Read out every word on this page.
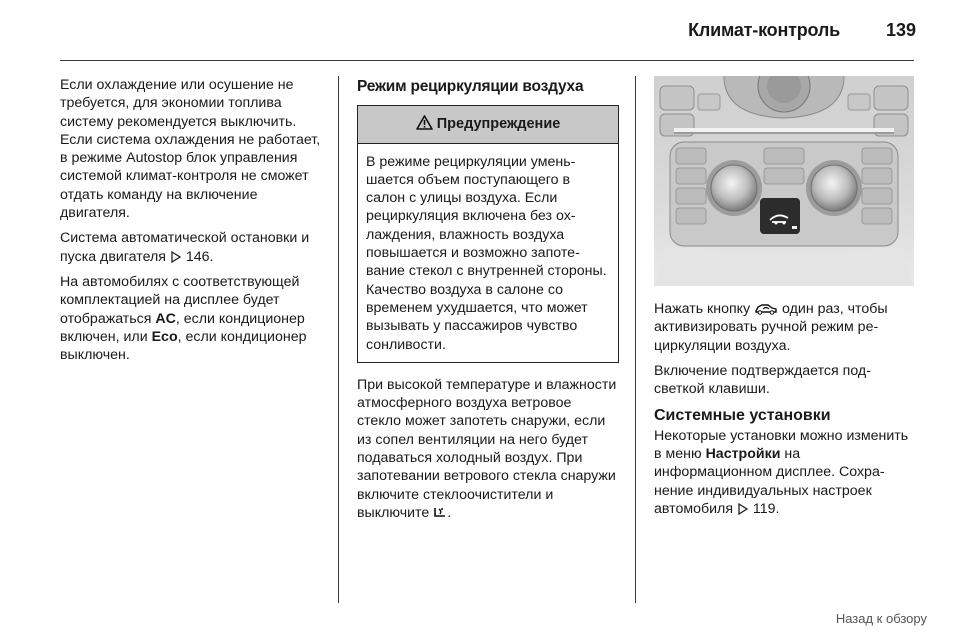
Климат-контроль	139

Если охлаждение или осушение не требуется, для экономии топлива систему рекомендуется выключить. Если система охлаждения не работает, в режиме Autostop блок управления системой климат-контроля не сможет отдать команду на включение двигателя.

Система автоматической остановки и пуска двигателя 146.

На автомобилях с соответствующей комплектацией на дисплее будет отображаться AC, если кондиционер включен, или Eco, если кондиционер выключен.

Режим рециркуляции воздуха
Предупреждение
В режиме рециркуляции уменьшается объем поступающего в салон с улицы воздуха. Если рециркуляция включена без охлаждения, влажность воздуха повышается и возможно запотевание стекол с внутренней стороны. Качество воздуха в салоне со временем ухудшается, что может вызывать у пассажиров чувство сонливости.

При высокой температуре и влажности атмосферного воздуха ветровое стекло может запотеть снаружи, если из сопел вентиляции на него будет подаваться холодный воздух. При запотевании ветрового стекла снаружи включите стеклоочистители и выключите .

Нажать кнопку один раз, чтобы активизировать ручной режим рециркуляции воздуха.

Включение подтверждается подсветкой клавиши.

Системные установки

Некоторые установки можно изменить в меню Настройки на информационном дисплее. Сохранение индивидуальных настроек автомобиля 119.

Назад к обзору
